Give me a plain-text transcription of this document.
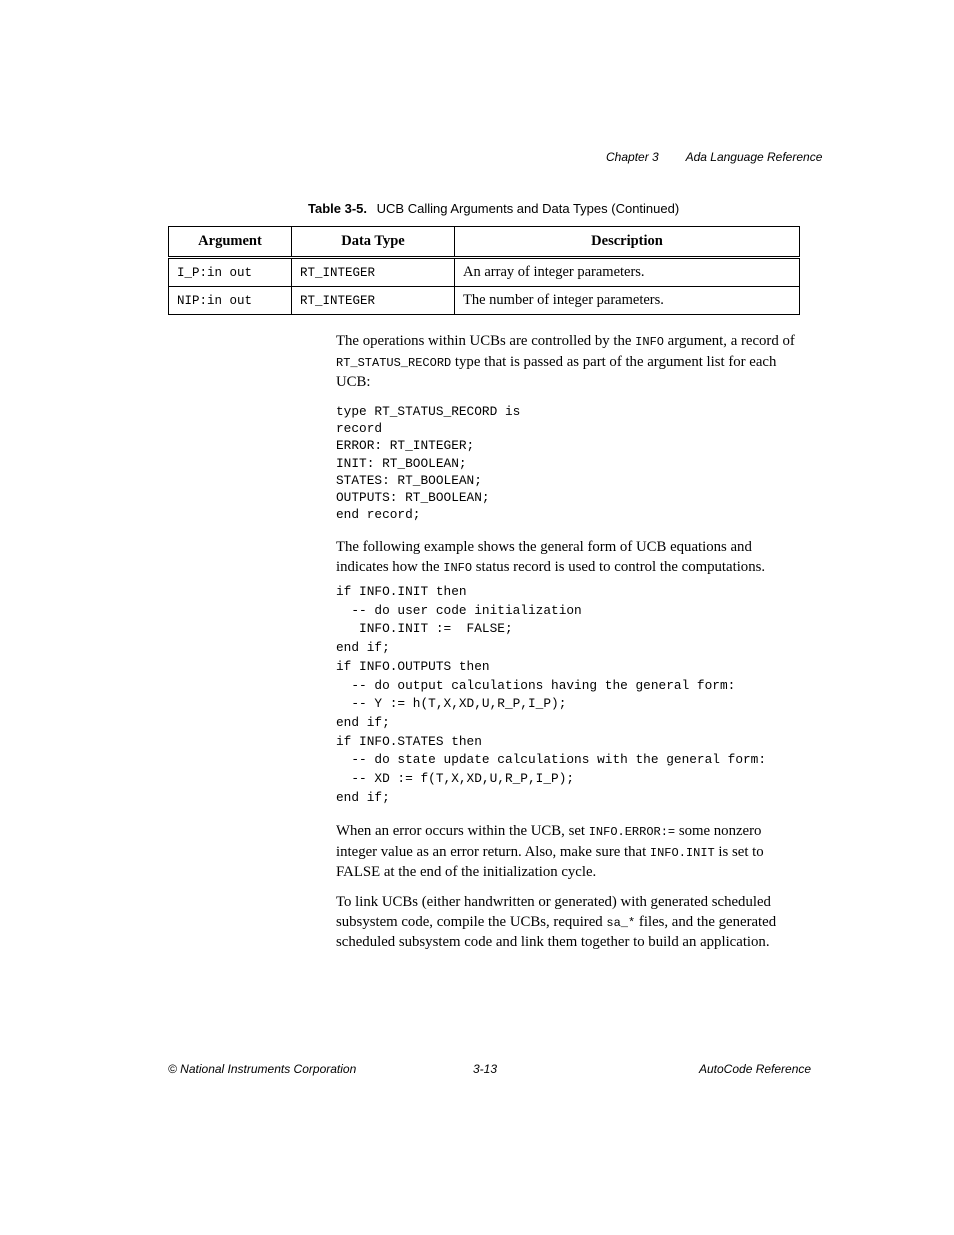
Chapter 3 Ada Language Reference
Table 3-5. UCB Calling Arguments and Data Types (Continued)
Argument	Data Type	Description
I_P:in out	RT_INTEGER	An array of integer parameters.
NIP:in out	RT_INTEGER	The number of integer parameters.
The operations within UCBs are controlled by the INFO argument, a record of RT_STATUS_RECORD type that is passed as part of the argument list for each UCB:
type RT_STATUS_RECORD is
record
ERROR: RT_INTEGER;
INIT: RT_BOOLEAN;
STATES: RT_BOOLEAN;
OUTPUTS: RT_BOOLEAN;
end record;
The following example shows the general form of UCB equations and indicates how the INFO status record is used to control the computations.
if INFO.INIT then
-- do user code initialization
INFO.INIT :=  FALSE;
end if;
if INFO.OUTPUTS then
-- do output calculations having the general form:
-- Y := h(T,X,XD,U,R_P,I_P);
end if;
if INFO.STATES then
-- do state update calculations with the general form:
-- XD := f(T,X,XD,U,R_P,I_P);
end if;
When an error occurs within the UCB, set INFO.ERROR:= some nonzero integer value as an error return. Also, make sure that INFO.INIT is set to FALSE at the end of the initialization cycle.
To link UCBs (either handwritten or generated) with generated scheduled subsystem code, compile the UCBs, required sa_* files, and the generated scheduled subsystem code and link them together to build an application.
© National Instruments Corporation	3-13	AutoCode Reference
